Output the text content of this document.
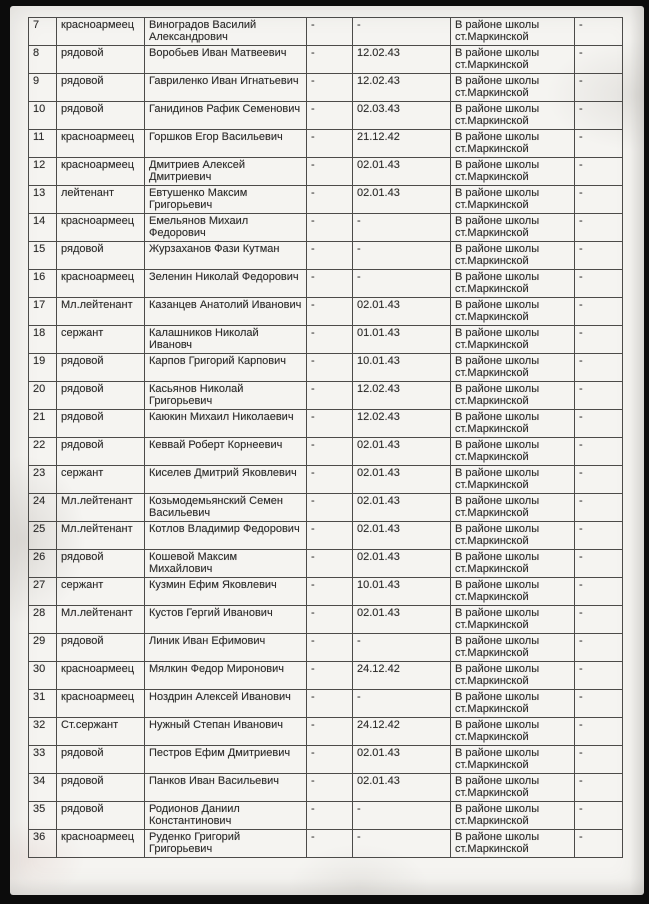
7	красноармеец	Виноградов Василий Александрович	-	-	В районе школы ст.Маркинской	-
8	рядовой	Воробьев Иван Матвеевич	-	12.02.43	В районе школы ст.Маркинской	-
9	рядовой	Гавриленко Иван Игнатьевич	-	12.02.43	В районе школы ст.Маркинской	-
10	рядовой	Ганидинов Рафик Семенович	-	02.03.43	В районе школы ст.Маркинской	-
11	красноармеец	Горшков Егор Васильевич	-	21.12.42	В районе школы ст.Маркинской	-
12	красноармеец	Дмитриев Алексей Дмитриевич	-	02.01.43	В районе школы ст.Маркинской	-
13	лейтенант	Евтушенко Максим Григорьевич	-	02.01.43	В районе школы ст.Маркинской	-
14	красноармеец	Емельянов Михаил Федорович	-	-	В районе школы ст.Маркинской	-
15	рядовой	Журзаханов Фази Кутман	-	-	В районе школы ст.Маркинской	-
16	красноармеец	Зеленин Николай Федорович	-	-	В районе школы ст.Маркинской	-
17	Мл.лейтенант	Казанцев Анатолий Иванович	-	02.01.43	В районе школы ст.Маркинской	-
18	сержант	Калашников Николай Ивановч	-	01.01.43	В районе школы ст.Маркинской	-
19	рядовой	Карпов Григорий Карпович	-	10.01.43	В районе школы ст.Маркинской	-
20	рядовой	Касьянов Николай Григорьевич	-	12.02.43	В районе школы ст.Маркинской	-
21	рядовой	Каюкин Михаил Николаевич	-	12.02.43	В районе школы ст.Маркинской	-
22	рядовой	Кеввай Роберт Корнеевич	-	02.01.43	В районе школы ст.Маркинской	-
23	сержант	Киселев Дмитрий Яковлевич	-	02.01.43	В районе школы ст.Маркинской	-
24	Мл.лейтенант	Козьмодемьянский Семен Васильевич	-	02.01.43	В районе школы ст.Маркинской	-
25	Мл.лейтенант	Котлов Владимир Федорович	-	02.01.43	В районе школы ст.Маркинской	-
26	рядовой	Кошевой Максим Михайлович	-	02.01.43	В районе школы ст.Маркинской	-
27	сержант	Кузмин Ефим Яковлевич	-	10.01.43	В районе школы ст.Маркинской	-
28	Мл.лейтенант	Кустов Гергий Иванович	-	02.01.43	В районе школы ст.Маркинской	-
29	рядовой	Линик Иван Ефимович	-	-	В районе школы ст.Маркинской	-
30	красноармеец	Мялкин Федор Миронович	-	24.12.42	В районе школы ст.Маркинской	-
31	красноармеец	Ноздрин Алексей Иванович	-	-	В районе школы ст.Маркинской	-
32	Ст.сержант	Нужный Степан Иванович	-	24.12.42	В районе школы ст.Маркинской	-
33	рядовой	Пестров Ефим Дмитриевич	-	02.01.43	В районе школы ст.Маркинской	-
34	рядовой	Панков Иван Васильевич	-	02.01.43	В районе школы ст.Маркинской	-
35	рядовой	Родионов Даниил Константинович	-	-	В районе школы ст.Маркинской	-
36	красноармеец	Руденко Григорий Григорьевич	-	-	В районе школы ст.Маркинской	-
